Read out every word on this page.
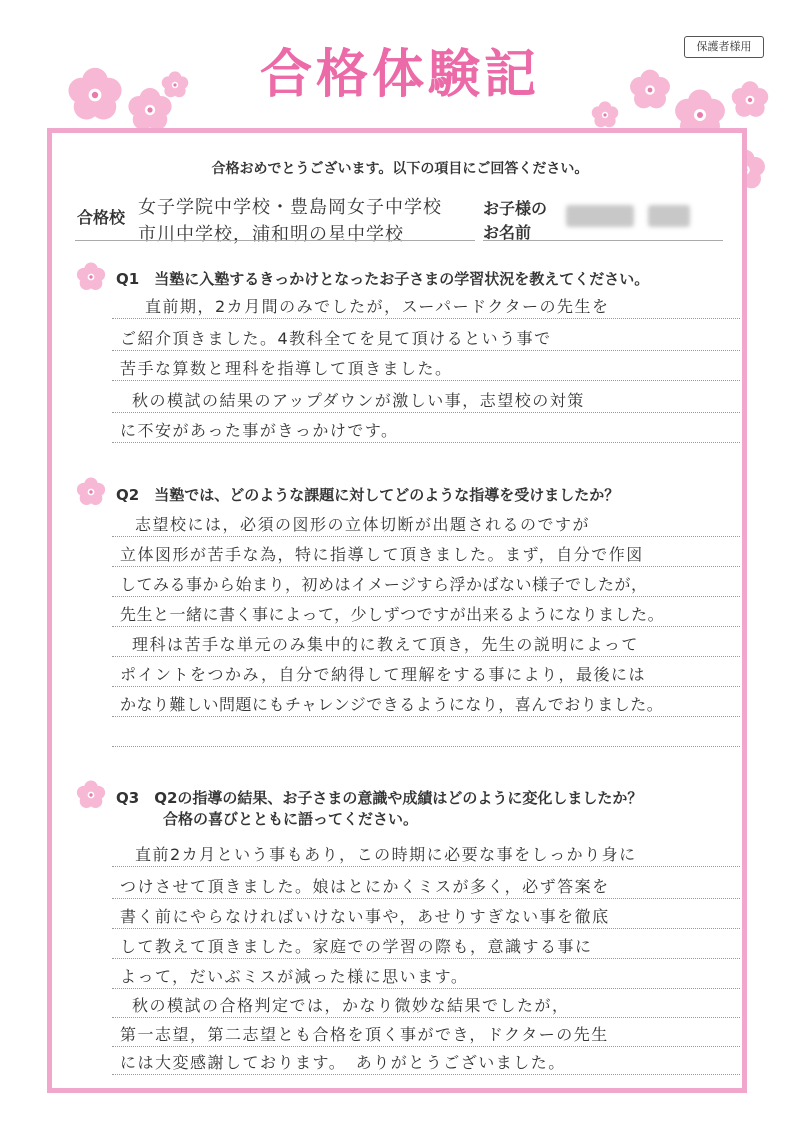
保護者様用
合格体験記
合格おめでとうございます。以下の項目にご回答ください。
合格校 女子学院中学校・豊島岡女子中学校
市川中学校，浦和明の星中学校
お子様の
お名前
Q1　当塾に入塾するきっかけとなったお子さまの学習状況を教えてください。
直前期，2カ月間のみでしたが，スーパードクターの先生を
ご紹介頂きました。4教科全てを見て頂けるという事で
苦手な算数と理科を指導して頂きました。
秋の模試の結果のアップダウンが激しい事，志望校の対策
に不安があった事がきっかけです。
Q2　当塾では、どのような課題に対してどのような指導を受けましたか？
志望校には，必須の図形の立体切断が出題されるのですが
立体図形が苦手な為，特に指導して頂きました。まず，自分で作図
してみる事から始まり，初めはイメージすら浮かばない様子でしたが，
先生と一緒に書く事によって，少しずつですが出来るようになりました。
理科は苦手な単元のみ集中的に教えて頂き，先生の説明によって
ポイントをつかみ，自分で納得して理解をする事により，最後には
かなり難しい問題にもチャレンジできるようになり，喜んでおりました。
Q3　Q2の指導の結果、お子さまの意識や成績はどのように変化しましたか？
合格の喜びとともに語ってください。
直前2カ月という事もあり，この時期に必要な事をしっかり身に
つけさせて頂きました。娘はとにかくミスが多く，必ず答案を
書く前にやらなければいけない事や，あせりすぎない事を徹底
して教えて頂きました。家庭での学習の際も，意識する事に
よって，だいぶミスが減った様に思います。
秋の模試の合格判定では，かなり微妙な結果でしたが，
第一志望，第二志望とも合格を頂く事ができ，ドクターの先生
には大変感謝しております。　ありがとうございました。
